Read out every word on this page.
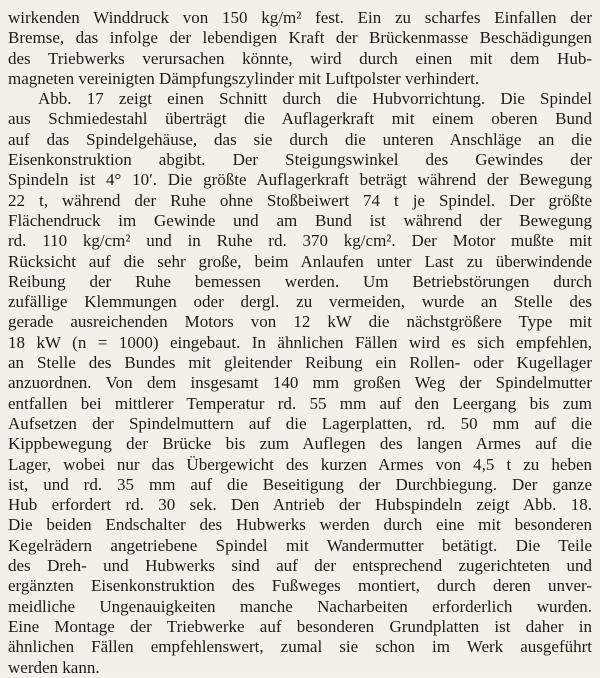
wirkenden Winddruck von 150 kg/m² fest. Ein zu scharfes Einfallen der
Bremse, das infolge der lebendigen Kraft der Brückenmasse Beschädigungen
des Triebwerks verursachen könnte, wird durch einen mit dem Hub-
magneten vereinigten Dämpfungszylinder mit Luftpolster verhindert.

Abb. 17 zeigt einen Schnitt durch die Hubvorrichtung. Die Spindel
aus Schmiedestahl überträgt die Auflagerkraft mit einem oberen Bund
auf das Spindelgehäuse, das sie durch die unteren Anschläge an die
Eisenkonstruktion abgibt. Der Steigungswinkel des Gewindes der
Spindeln ist 4° 10′. Die größte Auflagerkraft beträgt während der Bewegung
22 t, während der Ruhe ohne Stoßbeiwert 74 t je Spindel. Der größte
Flächendruck im Gewinde und am Bund ist während der Bewegung
rd. 110 kg/cm² und in Ruhe rd. 370 kg/cm². Der Motor mußte mit
Rücksicht auf die sehr große, beim Anlaufen unter Last zu überwindende
Reibung der Ruhe bemessen werden. Um Betriebstörungen durch
zufällige Klemmungen oder dergl. zu vermeiden, wurde an Stelle des
gerade ausreichenden Motors von 12 kW die nächstgrößere Type mit
18 kW (n = 1000) eingebaut. In ähnlichen Fällen wird es sich empfehlen,
an Stelle des Bundes mit gleitender Reibung ein Rollen- oder Kugellager
anzuordnen. Von dem insgesamt 140 mm großen Weg der Spindelmutter
entfallen bei mittlerer Temperatur rd. 55 mm auf den Leergang bis zum
Aufsetzen der Spindelmuttern auf die Lagerplatten, rd. 50 mm auf die
Kippbewegung der Brücke bis zum Auflegen des langen Armes auf die
Lager, wobei nur das Übergewicht des kurzen Armes von 4,5 t zu heben
ist, und rd. 35 mm auf die Beseitigung der Durchbiegung. Der ganze
Hub erfordert rd. 30 sek. Den Antrieb der Hubspindeln zeigt Abb. 18.
Die beiden Endschalter des Hubwerks werden durch eine mit besonderen
Kegelrädern angetriebene Spindel mit Wandermutter betätigt. Die Teile
des Dreh- und Hubwerks sind auf der entsprechend zugerichteten und
ergänzten Eisenkonstruktion des Fußweges montiert, durch deren unver-
meidliche Ungenauigkeiten manche Nacharbeiten erforderlich wurden.
Eine Montage der Triebwerke auf besonderen Grundplatten ist daher in
ähnlichen Fällen empfehlenswert, zumal sie schon im Werk ausgeführt
werden kann.
